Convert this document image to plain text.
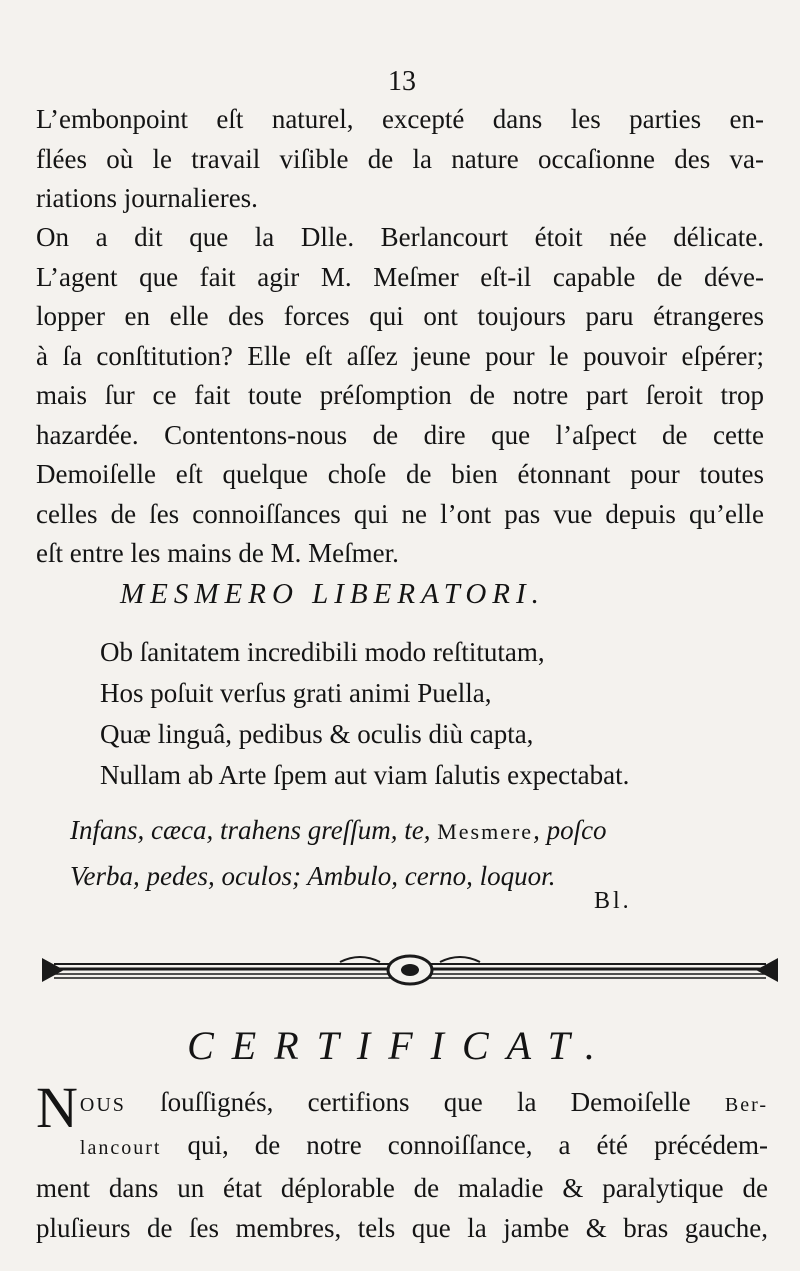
13
L’embonpoint eſt naturel, excepté dans les parties en-
flées où le travail viſible de la nature occaſionne des va-
riations journalieres.
On a dit que la Dlle. Berlancourt étoit née délicate.
L’agent que fait agir M. Meſmer eſt-il capable de déve-
lopper en elle des forces qui ont toujours paru étrangeres
à ſa conſtitution? Elle eſt aſſez jeune pour le pouvoir eſpérer;
mais ſur ce fait toute préſomption de notre part ſeroit trop
hazardée. Contentons-nous de dire que l’aſpect de cette
Demoiſelle eſt quelque choſe de bien étonnant pour toutes
celles de ſes connoiſſances qui ne l’ont pas vue depuis qu’elle
eſt entre les mains de M. Meſmer.
MESMERO LIBERATORI.
Ob ſanitatem incredibili modo reſtitutam,
Hos poſuit verſus grati animi Puella,
Quæ linguâ, pedibus & oculis diù capta,
Nullam ab Arte ſpem aut viam ſalutis expectabat.
Infans, cæca, trahens greſſum, te, Mesmere, poſco
Verba, pedes, oculos; Ambulo, cerno, loquor.
Bl.
CERTIFICAT.
N OUS ſouſſignés, certifions que la Demoiſelle Ber-
lancourt qui, de notre connoiſſance, a été précédem-
ment dans un état déplorable de maladie & paralytique de
pluſieurs de ſes membres, tels que la jambe & bras gauche,
